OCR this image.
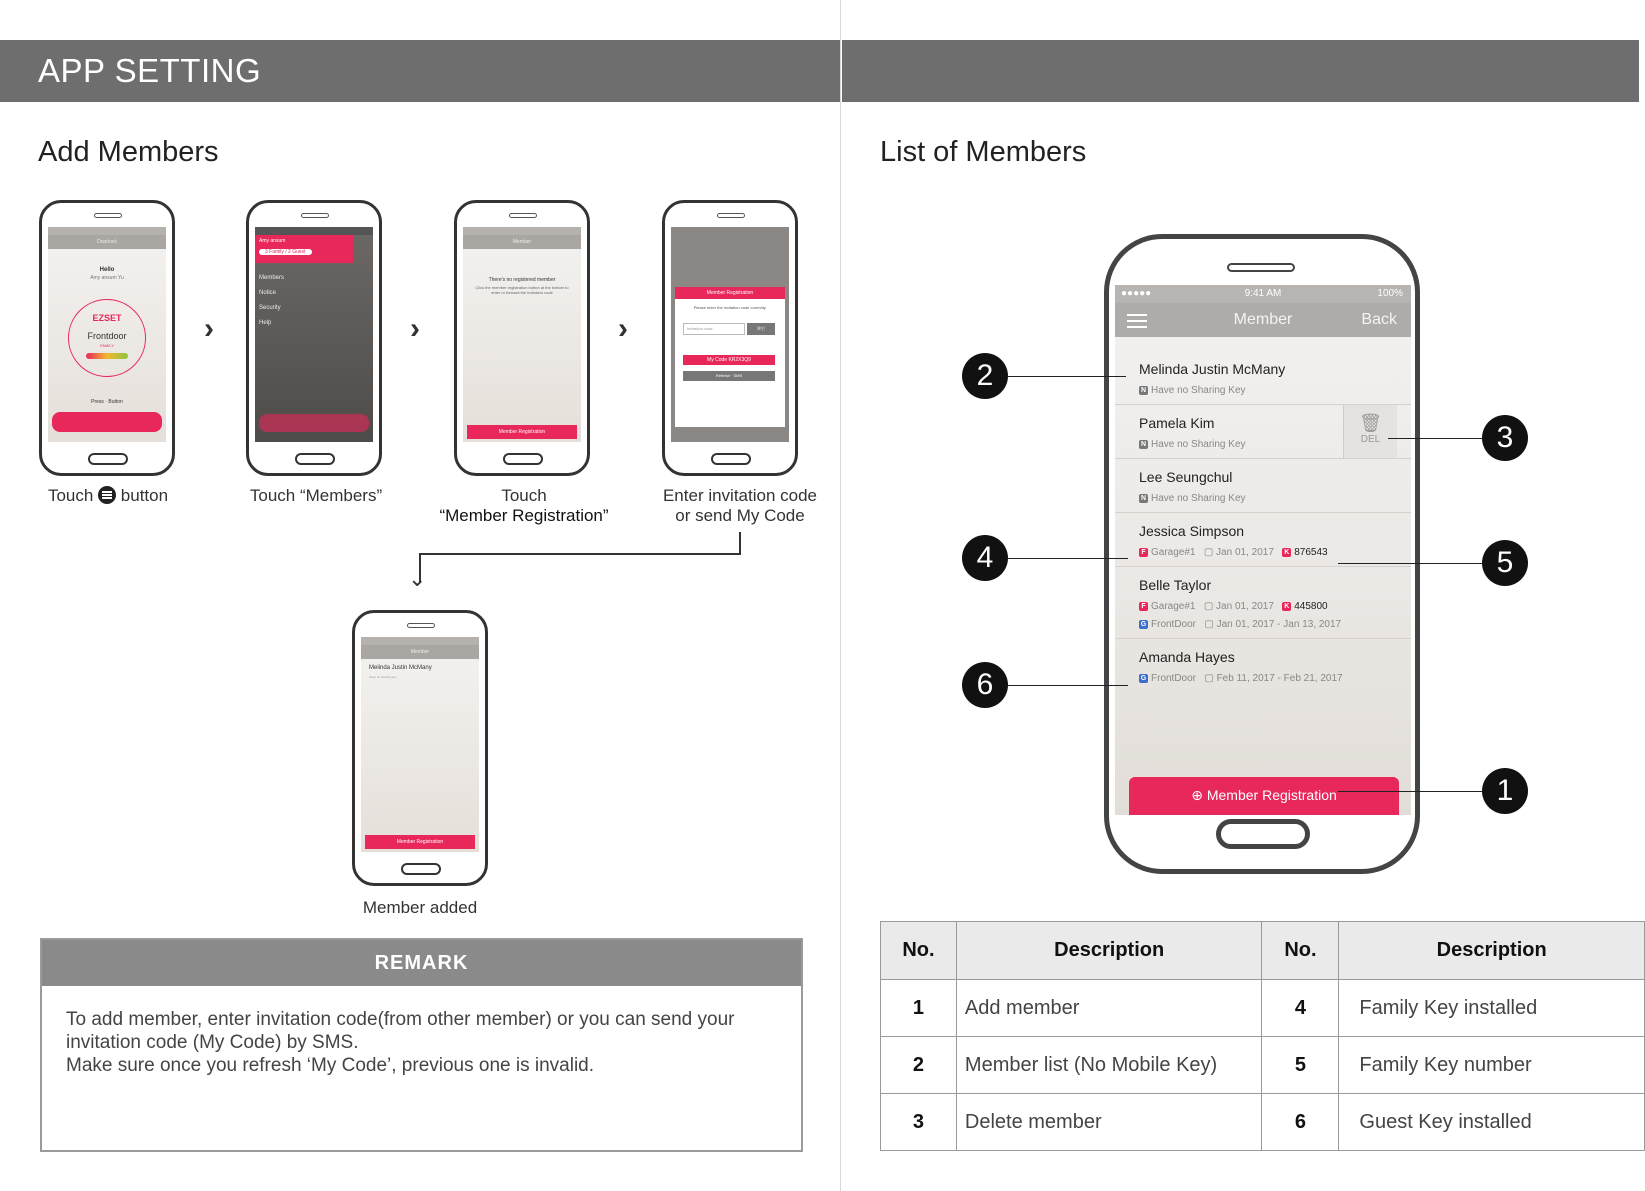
APP SETTING
Add Members	List of Members
Doorlock
Hello
Amy ansum Yu
EZSET
Frontdoor
FAMILY
Press · Button
Touch button
›
Amy ansum
3 Family / 2 Guest
Members
Notice
Security
Help
Touch “Members”
›
Member
There's no registered member
Click the member registration button at the bottom to enter or forward the invitation code
Member Registration
Touch
“Member Registration”
›
Member Registration
Please enter the invitation code correctly.
invitation code	확인
My Code KR2X3Q9
Refresh · SMS
Enter invitation code
or send My Code
⌄
Member
Melinda Justin McMany
Have no sharing key
Member Registration
Member added
REMARK
To add member, enter invitation code(from other member) or you can send your invitation code (My Code) by SMS.
Make sure once you refresh ‘My Code’, previous one is invalid.
●●●●●	9:41 AM	100%
Member	Back
Melinda Justin McMany
N Have no Sharing Key
Pamela Kim
N Have no Sharing Key
🗑
DEL
Lee Seungchul
N Have no Sharing Key
Jessica Simpson
F Garage#1   ▢ Jan 01, 2017 K 876543
Belle Taylor
F Garage#1   ▢ Jan 01, 2017 K 445800
G FrontDoor   ▢ Jan 01, 2017 - Jan 13, 2017
Amanda Hayes
G FrontDoor   ▢ Feb 11, 2017 - Feb 21, 2017
⊕ Member Registration
2
3
4	5
6
1
No.	Description	No.	Description
1	Add member	4	Family Key installed
2	Member list (No Mobile Key)	5	Family Key number
3	Delete member	6	Guest Key installed
